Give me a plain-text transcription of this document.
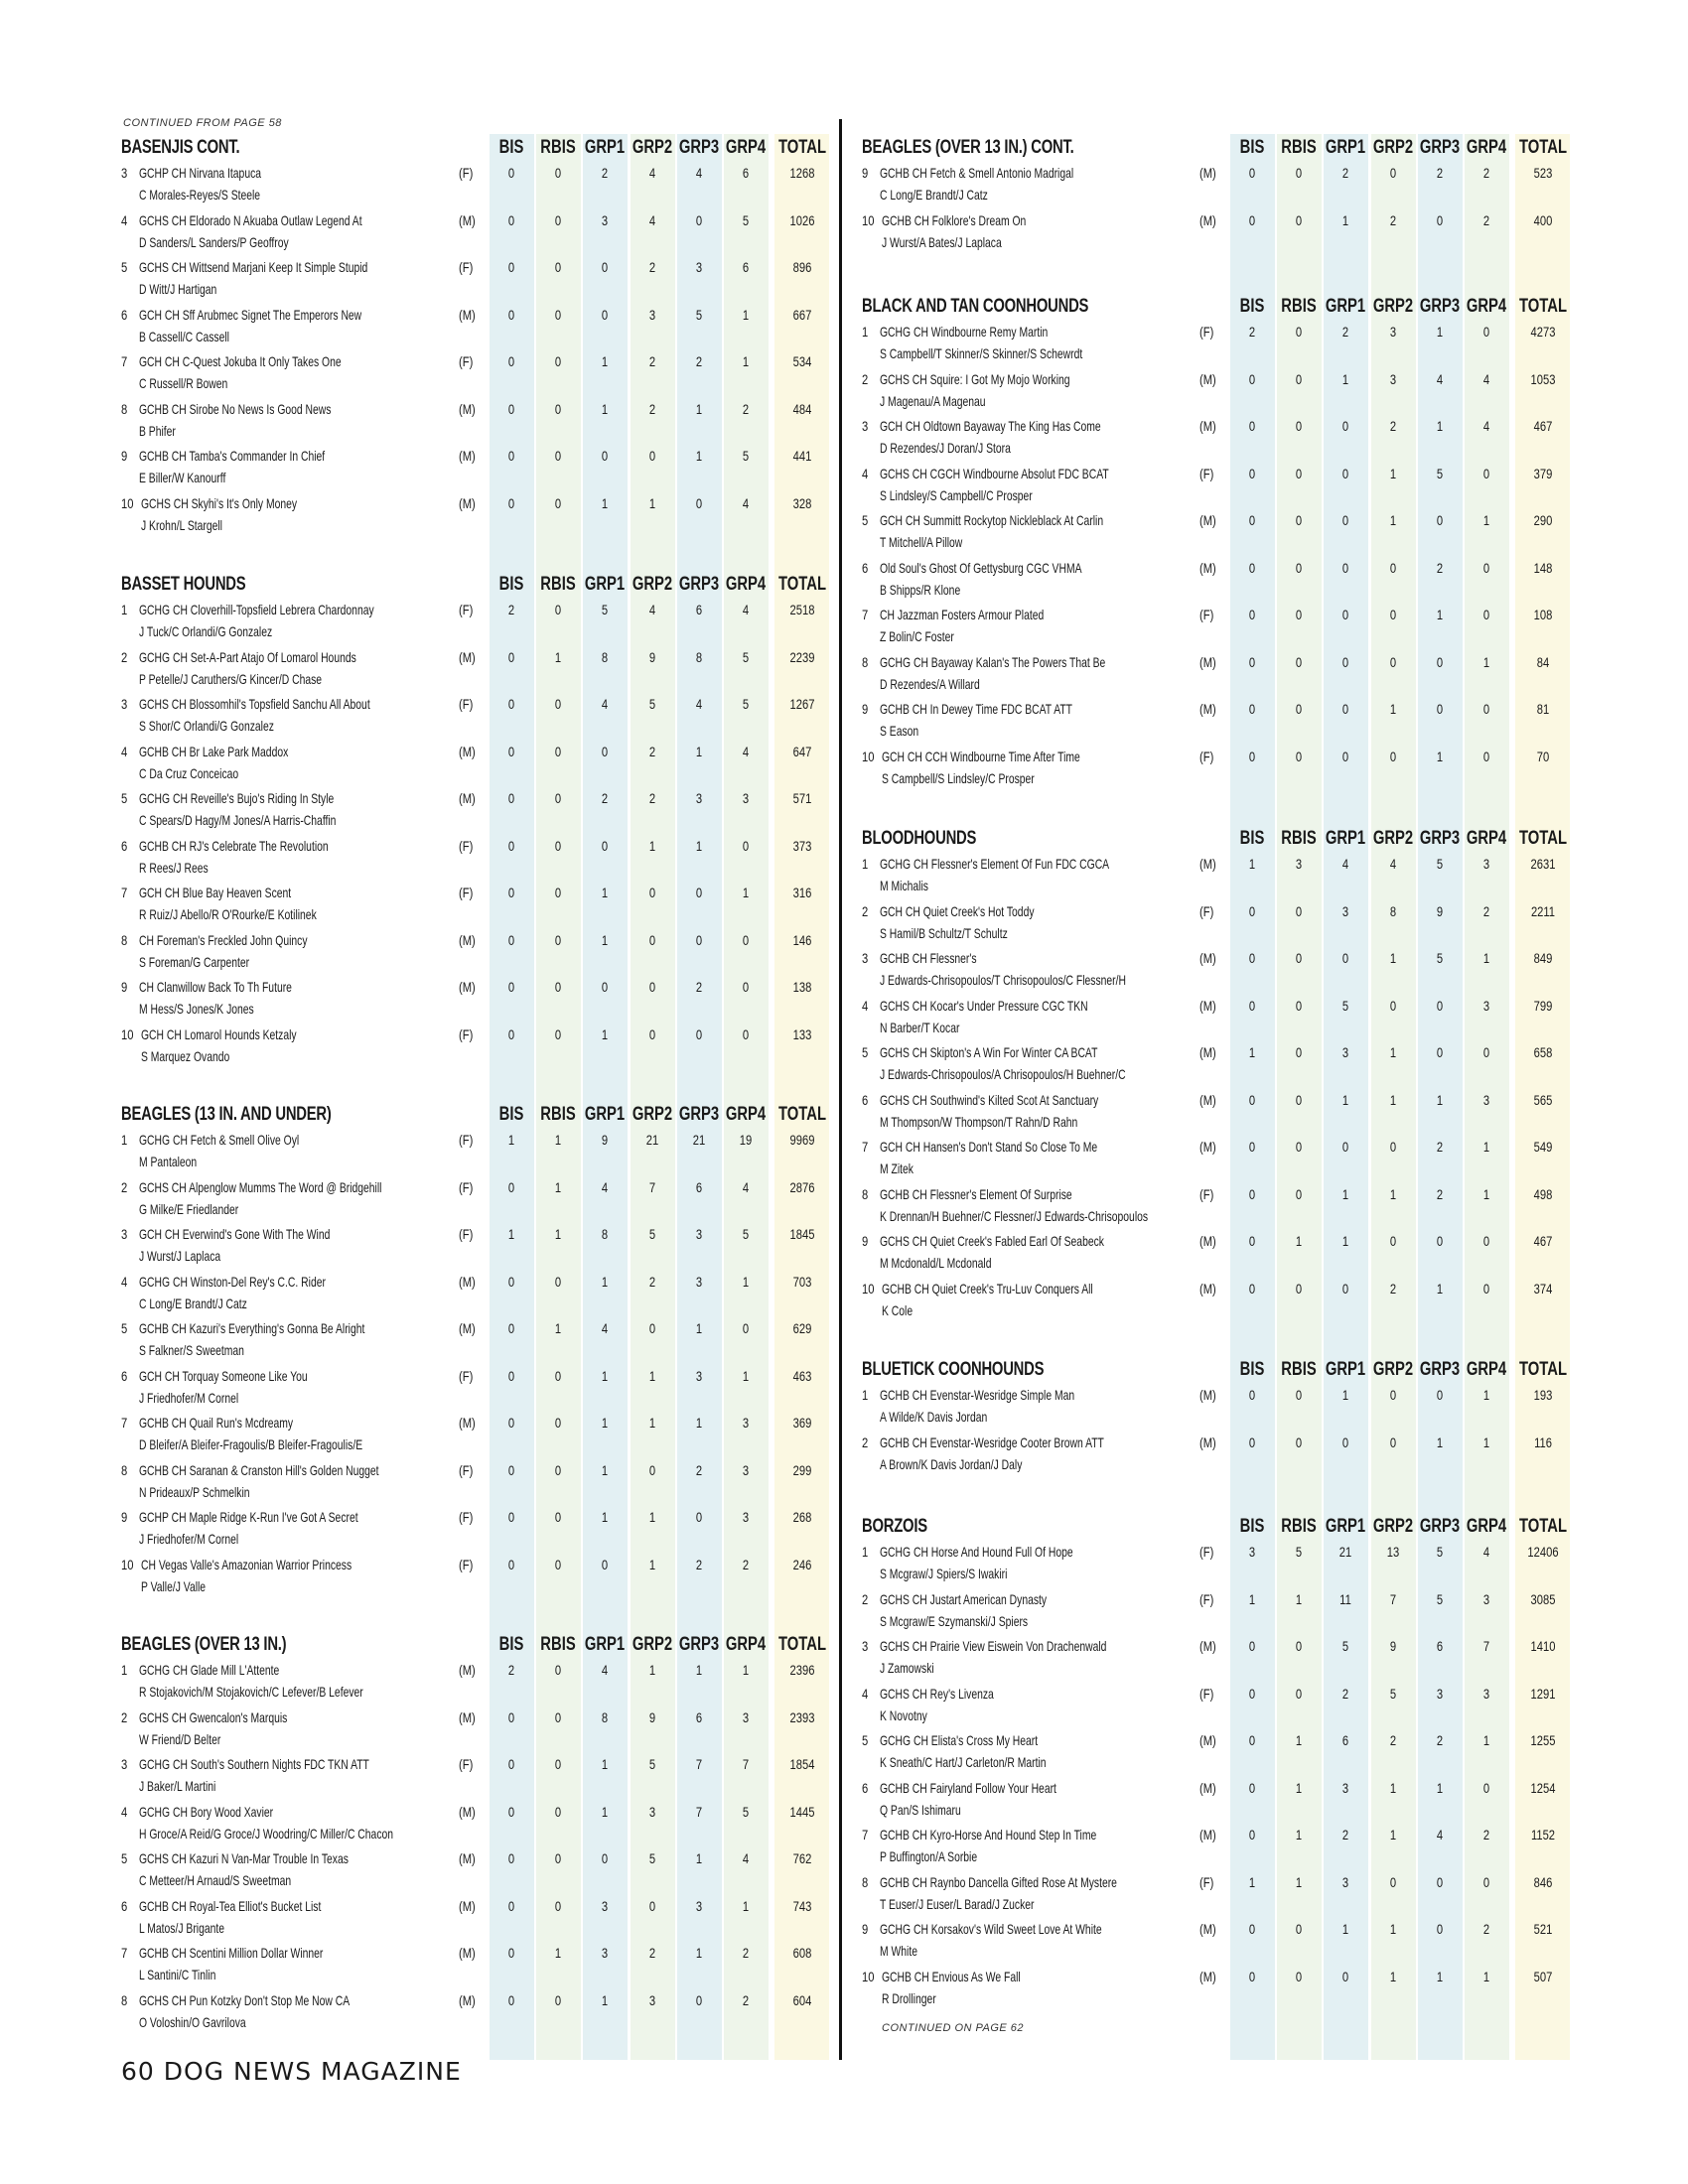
BASENJIS CONT.	BIS RBIS GRP1 GRP2 GRP3 GRP4 TOTAL
3 GCHP CH Nirvana Itapuca
C Morales-Reyes/S Steele
(F)	0	0	2	4	4	6	1268
4 GCHS CH Eldorado N Akuaba Outlaw Legend At
D Sanders/L Sanders/P Geoffroy
(M)	0	0	3	4	0	5	1026
5 GCHS CH Wittsend Marjani Keep It Simple Stupid
D Witt/J Hartigan
(F)	0	0	0	2	3	6	896
6 GCH CH Sff Arubmec Signet The Emperors New
B Cassell/C Cassell
(M)	0	0	0	3	5	1	667
7 GCH CH C-Quest Jokuba It Only Takes One
C Russell/R Bowen
(F)	0	0	1	2	2	1	534
8 GCHB CH Sirobe No News Is Good News
B Phifer
(M)	0	0	1	2	1	2	484
9 GCHB CH Tamba's Commander In Chief
E Biller/W Kanourff
(M)	0	0	0	0	1	5	441
10 GCHS CH Skyhi's It's Only Money
J Krohn/L Stargell
(M)	0	0	1	1	0	4	328
BASSET HOUNDS	BIS RBIS GRP1 GRP2 GRP3 GRP4 TOTAL
1 GCHG CH Cloverhill-Topsfield Lebrera Chardonnay
J Tuck/C Orlandi/G Gonzalez
(F)	2	0	5	4	6	4	2518
2 GCHG CH Set-A-Part Atajo Of Lomarol Hounds
P Petelle/J Caruthers/G Kincer/D Chase
(M)	0	1	8	9	8	5	2239
3 GCHS CH Blossomhil's Topsfield Sanchu All About
S Shor/C Orlandi/G Gonzalez
(F)	0	0	4	5	4	5	1267
4 GCHB CH Br Lake Park Maddox
C Da Cruz Conceicao
(M)	0	0	0	2	1	4	647
5 GCHG CH Reveille's Bujo's Riding In Style
C Spears/D Hagy/M Jones/A Harris-Chaffin
(M)	0	0	2	2	3	3	571
6 GCHB CH RJ's Celebrate The Revolution
R Rees/J Rees
(F)	0	0	0	1	1	0	373
7 GCH CH Blue Bay Heaven Scent
R Ruiz/J Abello/R O'Rourke/E Kotilinek
(F)	0	0	1	0	0	1	316
8 CH Foreman's Freckled John Quincy
S Foreman/G Carpenter
(M)	0	0	1	0	0	0	146
9 CH Clanwillow Back To Th Future
M Hess/S Jones/K Jones
(M)	0	0	0	0	2	0	138
10 GCH CH Lomarol Hounds Ketzaly
S Marquez Ovando
(F)	0	0	1	0	0	0	133
BEAGLES (13 IN. AND UNDER)	BIS RBIS GRP1 GRP2 GRP3 GRP4 TOTAL
1 GCHG CH Fetch & Smell Olive Oyl
M Pantaleon
(F)	1	1	9	21	21	19	9969
2 GCHS CH Alpenglow Mumms The Word @ Bridgehill
G Milke/E Friedlander
(F)	0	1	4	7	6	4	2876
3 GCH CH Everwind's Gone With The Wind
J Wurst/J Laplaca
(F)	1	1	8	5	3	5	1845
4 GCHG CH Winston-Del Rey's C.C. Rider
C Long/E Brandt/J Catz
(M)	0	0	1	2	3	1	703
5 GCHB CH Kazuri's Everything's Gonna Be Alright
S Falkner/S Sweetman
(M)	0	1	4	0	1	0	629
6 GCH CH Torquay Someone Like You
J Friedhofer/M Cornel
(F)	0	0	1	1	3	1	463
7 GCHB CH Quail Run's Mcdreamy
D Bleifer/A Bleifer-Fragoulis/B Bleifer-Fragoulis/E
(M)	0	0	1	1	1	3	369
8 GCHB CH Saranan & Cranston Hill's Golden Nugget
N Prideaux/P Schmelkin
(F)	0	0	1	0	2	3	299
9 GCHP CH Maple Ridge K-Run I've Got A Secret
J Friedhofer/M Cornel
(F)	0	0	1	1	0	3	268
10 CH Vegas Valle's Amazonian Warrior Princess
P Valle/J Valle
(F)	0	0	0	1	2	2	246
BEAGLES (OVER 13 IN.)	BIS RBIS GRP1 GRP2 GRP3 GRP4 TOTAL
1 GCHG CH Glade Mill L'Attente
R Stojakovich/M Stojakovich/C Lefever/B Lefever
(M)	2	0	4	1	1	1	2396
2 GCHS CH Gwencalon's Marquis
W Friend/D Belter
(M)	0	0	8	9	6	3	2393
3 GCHG CH South's Southern Nights FDC TKN ATT
J Baker/L Martini
(F)	0	0	1	5	7	7	1854
4 GCHG CH Bory Wood Xavier
H Groce/A Reid/G Groce/J Woodring/C Miller/C Chacon
(M)	0	0	1	3	7	5	1445
5 GCHS CH Kazuri N Van-Mar Trouble In Texas
C Metteer/H Arnaud/S Sweetman
(M)	0	0	0	5	1	4	762
6 GCHB CH Royal-Tea Elliot's Bucket List
L Matos/J Brigante
(M)	0	0	3	0	3	1	743
7 GCHB CH Scentini Million Dollar Winner
L Santini/C Tinlin
(M)	0	1	3	2	1	2	608
8 GCHS CH Pun Kotzky Don't Stop Me Now CA
O Voloshin/O Gavrilova
(M)	0	0	1	3	0	2	604
BEAGLES (OVER 13 IN.) CONT.	BIS RBIS GRP1 GRP2 GRP3 GRP4 TOTAL
9 GCHB CH Fetch & Smell Antonio Madrigal
C Long/E Brandt/J Catz
(M)	0	0	2	0	2	2	523
10 GCHB CH Folklore's Dream On
J Wurst/A Bates/J Laplaca
(M)	0	0	1	2	0	2	400
BLACK AND TAN COONHOUNDS	BIS RBIS GRP1 GRP2 GRP3 GRP4 TOTAL
1 GCHG CH Windbourne Remy Martin
S Campbell/T Skinner/S Skinner/S Schewrdt
(F)	2	0	2	3	1	0	4273
2 GCHS CH Squire: I Got My Mojo Working
J Magenau/A Magenau
(M)	0	0	1	3	4	4	1053
3 GCH CH Oldtown Bayaway The King Has Come
D Rezendes/J Doran/J Stora
(M)	0	0	0	2	1	4	467
4 GCHS CH CGCH Windbourne Absolut FDC BCAT
S Lindsley/S Campbell/C Prosper
(F)	0	0	0	1	5	0	379
5 GCH CH Summitt Rockytop Nickleblack At Carlin
T Mitchell/A Pillow
(M)	0	0	0	1	0	1	290
6 Old Soul's Ghost Of Gettysburg CGC VHMA
B Shipps/R Klone
(M)	0	0	0	0	2	0	148
7 CH Jazzman Fosters Armour Plated
Z Bolin/C Foster
(F)	0	0	0	0	1	0	108
8 GCHG CH Bayaway Kalan's The Powers That Be
D Rezendes/A Willard
(M)	0	0	0	0	0	1	84
9 GCHB CH In Dewey Time FDC BCAT ATT
S Eason
(M)	0	0	0	1	0	0	81
10 GCH CH CCH Windbourne Time After Time
S Campbell/S Lindsley/C Prosper
(F)	0	0	0	0	1	0	70
BLOODHOUNDS	BIS RBIS GRP1 GRP2 GRP3 GRP4 TOTAL
1 GCHG CH Flessner's Element Of Fun FDC CGCA
M Michalis
(M)	1	3	4	4	5	3	2631
2 GCH CH Quiet Creek's Hot Toddy
S Hamil/B Schultz/T Schultz
(F)	0	0	3	8	9	2	2211
3 GCHB CH Flessner's
J Edwards-Chrisopoulos/T Chrisopoulos/C Flessner/H
(M)	0	0	0	1	5	1	849
4 GCHS CH Kocar's Under Pressure CGC TKN
N Barber/T Kocar
(M)	0	0	5	0	0	3	799
5 GCHS CH Skipton's A Win For Winter CA BCAT
J Edwards-Chrisopoulos/A Chrisopoulos/H Buehner/C
(M)	1	0	3	1	0	0	658
6 GCHS CH Southwind's Kilted Scot At Sanctuary
M Thompson/W Thompson/T Rahn/D Rahn
(M)	0	0	1	1	1	3	565
7 GCH CH Hansen's Don't Stand So Close To Me
M Zitek
(M)	0	0	0	0	2	1	549
8 GCHB CH Flessner's Element Of Surprise
K Drennan/H Buehner/C Flessner/J Edwards-Chrisopoulos
(F)	0	0	1	1	2	1	498
9 GCHS CH Quiet Creek's Fabled Earl Of Seabeck
M Mcdonald/L Mcdonald
(M)	0	1	1	0	0	0	467
10 GCHB CH Quiet Creek's Tru-Luv Conquers All
K Cole
(M)	0	0	0	2	1	0	374
BLUETICK COONHOUNDS	BIS RBIS GRP1 GRP2 GRP3 GRP4 TOTAL
1 GCHB CH Evenstar-Wesridge Simple Man
A Wilde/K Davis Jordan
(M)	0	0	1	0	0	1	193
2 GCHB CH Evenstar-Wesridge Cooter Brown ATT
A Brown/K Davis Jordan/J Daly
(M)	0	0	0	0	1	1	116
BORZOIS	BIS RBIS GRP1 GRP2 GRP3 GRP4 TOTAL
1 GCHG CH Horse And Hound Full Of Hope
S Mcgraw/J Spiers/S Iwakiri
(F)	3	5	21	13	5	4	12406
2 GCHS CH Justart American Dynasty
S Mcgraw/E Szymanski/J Spiers
(F)	1	1	11	7	5	3	3085
3 GCHS CH Prairie View Eiswein Von Drachenwald
J Zamowski
(M)	0	0	5	9	6	7	1410
4 GCHS CH Rey's Livenza
K Novotny
(F)	0	0	2	5	3	3	1291
5 GCHG CH Elista's Cross My Heart
K Sneath/C Hart/J Carleton/R Martin
(M)	0	1	6	2	2	1	1255
6 GCHB CH Fairyland Follow Your Heart
Q Pan/S Ishimaru
(M)	0	1	3	1	1	0	1254
7 GCHB CH Kyro-Horse And Hound Step In Time
P Buffington/A Sorbie
(M)	0	1	2	1	4	2	1152
8 GCHB CH Raynbo Dancella Gifted Rose At Mystere
T Euser/J Euser/L Barad/J Zucker
(F)	1	1	3	0	0	0	846
9 GCHG CH Korsakov's Wild Sweet Love At White
M White
(M)	0	0	1	1	0	2	521
10 GCHB CH Envious As We Fall
R Drollinger
(M)	0	0	0	1	1	1	507
CONTINUED FROM PAGE 58
CONTINUED ON PAGE 62
60 DOG NEWS MAGAZINE
